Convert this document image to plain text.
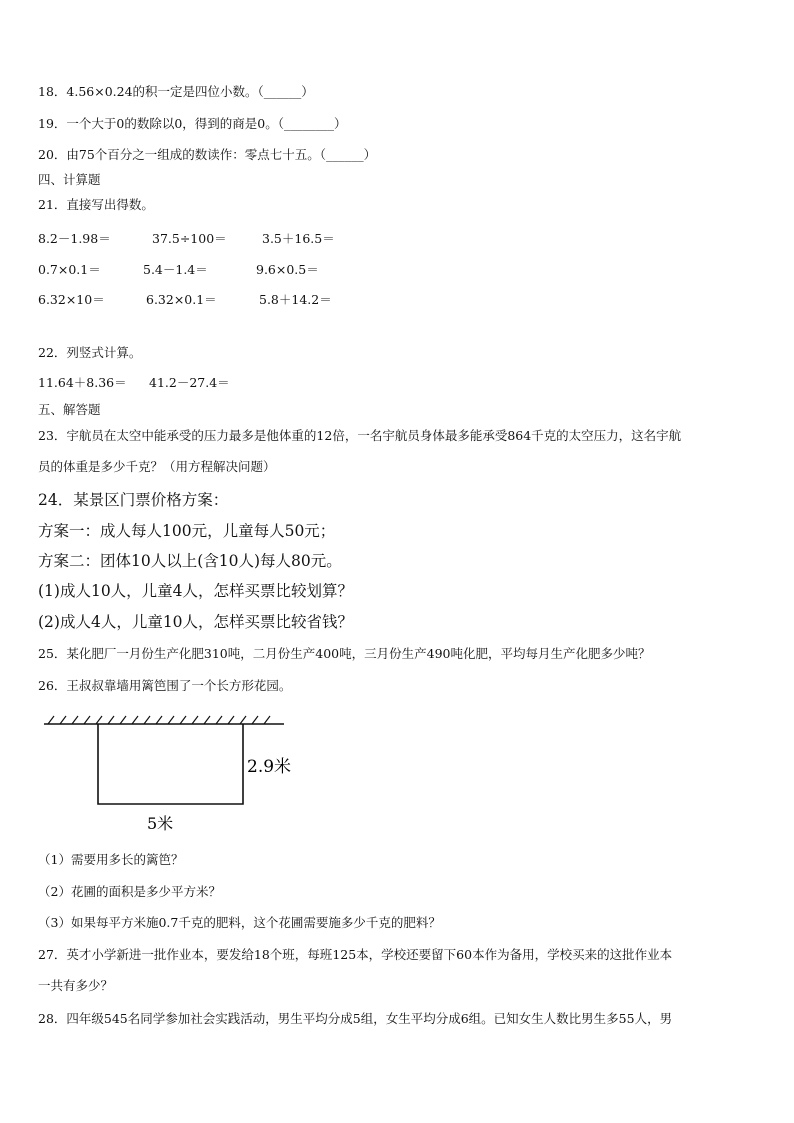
18．4.56×0.24的积一定是四位小数。（______）
19．一个大于0的数除以0，得到的商是0。（________）
20．由75个百分之一组成的数读作：零点七十五。（______）
四、计算题
21．直接写出得数。
8.2－1.98＝	37.5÷100＝	3.5＋16.5＝
0.7×0.1＝	5.4－1.4＝	9.6×0.5＝
6.32×10＝	6.32×0.1＝	5.8＋14.2＝
22．列竖式计算。
11.64＋8.36＝ 41.2－27.4＝
五、解答题
23．宇航员在太空中能承受的压力最多是他体重的12倍，一名宇航员身体最多能承受864千克的太空压力，这名宇航
员的体重是多少千克？（用方程解决问题）
24．某景区门票价格方案：
方案一：成人每人100元，儿童每人50元；
方案二：团体10人以上(含10人)每人80元。
(1)成人10人，儿童4人，怎样买票比较划算？
(2)成人4人，儿童10人，怎样买票比较省钱？
25．某化肥厂一月份生产化肥310吨，二月份生产400吨，三月份生产490吨化肥，平均每月生产化肥多少吨？
26．王叔叔靠墙用篱笆围了一个长方形花园。
2.9米
5米
（1）需要用多长的篱笆？
（2）花圃的面积是多少平方米？
（3）如果每平方米施0.7千克的肥料，这个花圃需要施多少千克的肥料？
27．英才小学新进一批作业本，要发给18个班，每班125本，学校还要留下60本作为备用，学校买来的这批作业本
一共有多少？
28．四年级545名同学参加社会实践活动，男生平均分成5组，女生平均分成6组。已知女生人数比男生多55人，男
